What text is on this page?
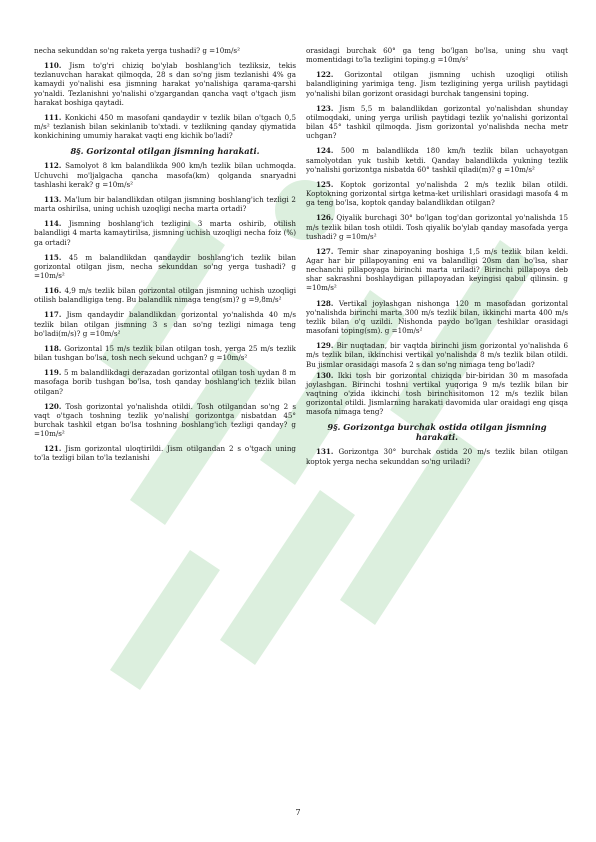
necha sekunddan so'ng raketa yerga tushadi? g =10m/s²

110. Jism to'g'ri chiziq bo'ylab boshlang'ich tezliksiz, tekis tezlanuvchan harakat qilmoqda, 28 s dan so'ng jism tezlanishi 4% ga kamaydi yo'nalishi esa jismning harakat yo'nalishiga qarama-qarshi yo'naldi. Tezlanishni yo'nalishi o'zgargandan qancha vaqt o'tgach jism harakat boshiga qaytadi.

111. Konkichi 450 m masofani qandaydir v tezlik bilan o'tgach 0,5 m/s² tezlanish bilan sekinlanib to'xtadi. v tezlikning qanday qiymatida konkichining umumiy harakat vaqti eng kichik bo'ladi?

8§. Gorizontal otilgan jismning harakati.

112. Samolyot 8 km balandlikda 900 km/h tezlik bilan uchmoqda. Uchuvchi mo'ljalgacha qancha masofa(km) qolganda snaryadni tashlashi kerak? g =10m/s²

113. Ma'lum bir balandlikdan otilgan jismning boshlang'ich tezligi 2 marta oshirilsa, uning uchish uzoqligi necha marta ortadi?

114. Jismning boshlang'ich tezligini 3 marta oshirib, otilish balandligi 4 marta kamaytirilsa, jismning uchish uzoqligi necha foiz (%) ga ortadi?

115. 45 m balandlikdan qandaydir boshlang'ich tezlik bilan gorizontal otilgan jism, necha sekunddan so'ng yerga tushadi? g =10m/s²

116. 4,9 m/s tezlik bilan gorizontal otilgan jismning uchish uzoqligi otilish balandligiga teng. Bu balandlik nimaga teng(sm)? g =9,8m/s²

117. Jism qandaydir balandlikdan gorizontal yo'nalishda 40 m/s tezlik bilan otilgan jismning 3 s dan so'ng tezligi nimaga teng bo'ladi(m/s)? g =10m/s²

118. Gorizontal 15 m/s tezlik bilan otilgan tosh, yerga 25 m/s tezlik bilan tushgan bo'lsa, tosh nech sekund uchgan? g =10m/s²

119. 5 m balandlikdagi derazadan gorizontal otilgan tosh uydan 8 m masofaga borib tushgan bo'lsa, tosh qanday boshlang'ich tezlik bilan otilgan?

120. Tosh gorizontal yo'nalishda otildi. Tosh otilgandan so'ng 2 s vaqt o'tgach toshning tezlik yo'nalishi gorizontga nisbatdan 45° burchak tashkil etgan bo'lsa toshning boshlang'ich tezligi qanday? g =10m/s²

121. Jism gorizontal uloqtirildi. Jism otilgandan 2 s o'tgach uning to'la tezligi bilan to'la tezlanishi

orasidagi burchak 60° ga teng bo'lgan bo'lsa, uning shu vaqt momentidagi to'la tezligini toping.g =10m/s²

122. Gorizontal otilgan jismning uchish uzoqligi otilish balandligining yarimiga teng. Jism tezligining yerga urilish paytidagi yo'nalishi bilan gorizont orasidagi burchak tangensini toping.

123. Jism 5,5 m balandlikdan gorizontal yo'nalishdan shunday otilmoqdaki, uning yerga urilish paytidagi tezlik yo'nalishi gorizontal bilan 45° tashkil qilmoqda. Jism gorizontal yo'nalishda necha metr uchgan?

124. 500 m balandlikda 180 km/h tezlik bilan uchayotgan samolyotdan yuk tushib ketdi. Qanday balandlikda yukning tezlik yo'nalishi gorizontga nisbatda 60° tashkil qiladi(m)? g =10m/s²

125. Koptok gorizontal yo'nalishda 2 m/s tezlik bilan otildi. Koptokning gorizontal sirtga ketma-ket urilishlari orasidagi masofa 4 m ga teng bo'lsa, koptok qanday balandlikdan otilgan?

126. Qiyalik burchagi 30° bo'lgan tog'dan gorizontal yo'nalishda 15 m/s tezlik bilan tosh otildi. Tosh qiyalik bo'ylab qanday masofada yerga tushadi? g =10m/s²

127. Temir shar zinapoyaning boshiga 1,5 m/s tezlik bilan keldi. Agar har bir pillapoyaning eni va balandligi 20sm dan bo'lsa, shar nechanchi pillapoyaga birinchi marta uriladi? Birinchi pillapoya deb shar sakrashni boshlaydigan pillapoyadan keyingisi qabul qilinsin. g =10m/s²

128. Vertikal joylashgan nishonga 120 m masofadan gorizontal yo'nalishda birinchi marta 300 m/s tezlik bilan, ikkinchi marta 400 m/s tezlik bilan o'q uzildi. Nishonda paydo bo'lgan teshiklar orasidagi masofani toping(sm). g =10m/s²

129. Bir nuqtadan, bir vaqtda birinchi jism gorizontal yo'nalishda 6 m/s tezlik bilan, ikkinchisi vertikal yo'nalishda 8 m/s tezlik bilan otildi. Bu jismlar orasidagi masofa 2 s dan so'ng nimaga teng bo'ladi?

130. Ikki tosh bir gorizontal chiziqda bir-biridan 30 m masofada joylashgan. Birinchi toshni vertikal yuqoriga 9 m/s tezlik bilan bir vaqtning o'zida ikkinchi tosh birinchisitomon 12 m/s tezlik bilan gorizontal otildi. Jismlarning harakati davomida ular oraidagi eng qisqa masofa nimaga teng?

9§. Gorizontga burchak ostida otilgan jismning harakati.

131. Gorizontga 30° burchak ostida 20 m/s tezlik bilan otilgan koptok yerga necha sekunddan so'ng uriladi?

7
